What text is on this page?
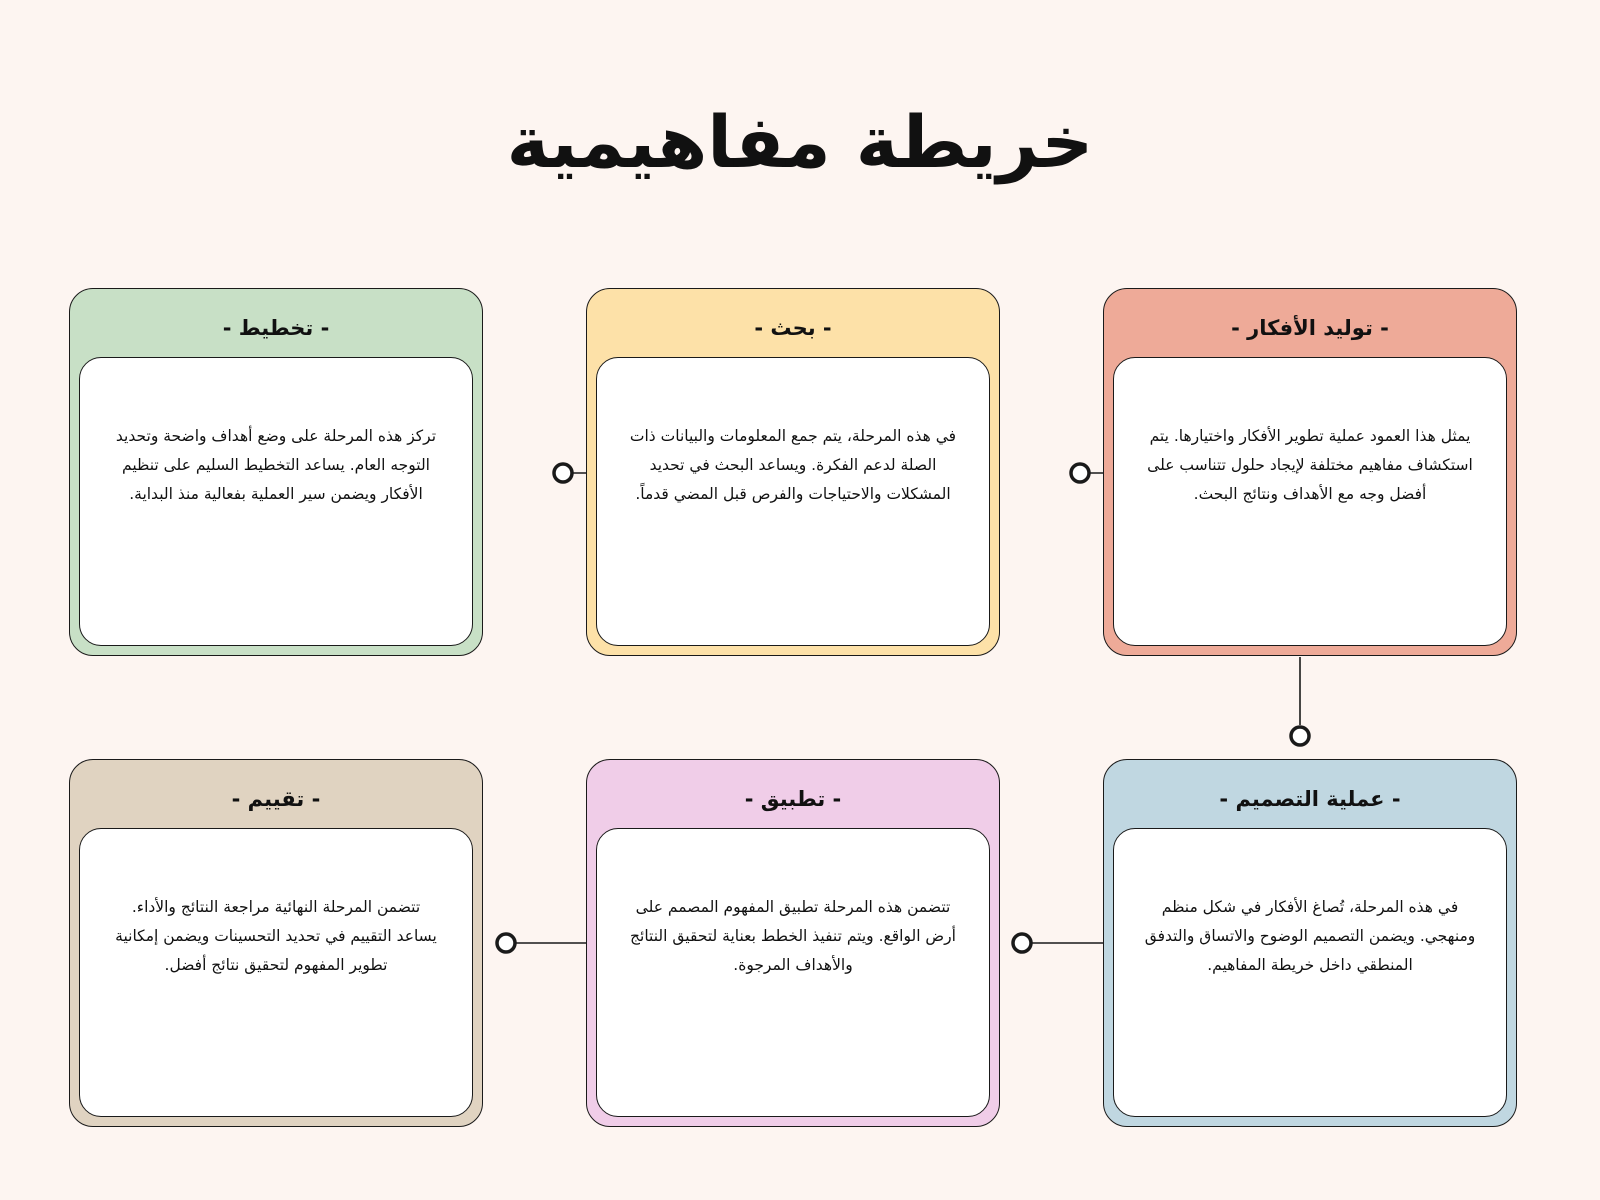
خريطة مفاهيمية
- توليد الأفكار -
يمثل هذا العمود عملية تطوير الأفكار واختيارها. يتم استكشاف مفاهيم مختلفة لإيجاد حلول تتناسب على أفضل وجه مع الأهداف ونتائج البحث.
- بحث -
في هذه المرحلة، يتم جمع المعلومات والبيانات ذات الصلة لدعم الفكرة. ويساعد البحث في تحديد المشكلات والاحتياجات والفرص قبل المضي قدماً.
- تخطيط -
تركز هذه المرحلة على وضع أهداف واضحة وتحديد التوجه العام. يساعد التخطيط السليم على تنظيم الأفكار ويضمن سير العملية بفعالية منذ البداية.
- عملية التصميم -
في هذه المرحلة، تُصاغ الأفكار في شكل منظم ومنهجي. ويضمن التصميم الوضوح والاتساق والتدفق المنطقي داخل خريطة المفاهيم.
- تطبيق -
تتضمن هذه المرحلة تطبيق المفهوم المصمم على أرض الواقع. ويتم تنفيذ الخطط بعناية لتحقيق النتائج والأهداف المرجوة.
- تقييم -
تتضمن المرحلة النهائية مراجعة النتائج والأداء. يساعد التقييم في تحديد التحسينات ويضمن إمكانية تطوير المفهوم لتحقيق نتائج أفضل.
